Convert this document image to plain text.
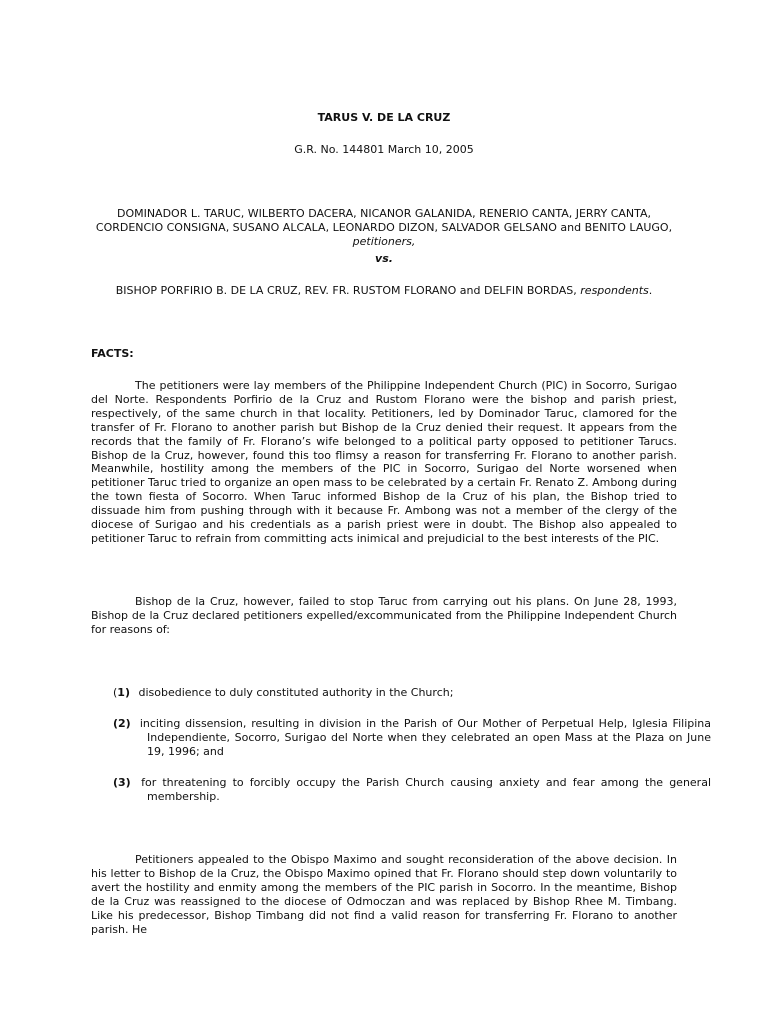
TARUS V. DE LA CRUZ
G.R. No. 144801 March 10, 2005
DOMINADOR L. TARUC, WILBERTO DACERA, NICANOR GALANIDA, RENERIO CANTA, JERRY CANTA, CORDENCIO CONSIGNA, SUSANO ALCALA, LEONARDO DIZON, SALVADOR GELSANO and BENITO LAUGO, petitioners,
vs.
BISHOP PORFIRIO B. DE LA CRUZ, REV. FR. RUSTOM FLORANO and DELFIN BORDAS, respondents.
FACTS:

The petitioners were lay members of the Philippine Independent Church (PIC) in Socorro, Surigao del Norte. Respondents Porfirio de la Cruz and Rustom Florano were the bishop and parish priest, respectively, of the same church in that locality. Petitioners, led by Dominador Taruc, clamored for the transfer of Fr. Florano to another parish but Bishop de la Cruz denied their request. It appears from the records that the family of Fr. Florano’s wife belonged to a political party opposed to petitioner Tarucs. Bishop de la Cruz, however, found this too flimsy a reason for transferring Fr. Florano to another parish. Meanwhile, hostility among the members of the PIC in Socorro, Surigao del Norte worsened when petitioner Taruc tried to organize an open mass to be celebrated by a certain Fr. Renato Z. Ambong during the town fiesta of Socorro. When Taruc informed Bishop de la Cruz of his plan, the Bishop tried to dissuade him from pushing through with it because Fr. Ambong was not a member of the clergy of the diocese of Surigao and his credentials as a parish priest were in doubt. The Bishop also appealed to petitioner Taruc to refrain from committing acts inimical and prejudicial to the best interests of the PIC.

Bishop de la Cruz, however, failed to stop Taruc from carrying out his plans. On June 28, 1993, Bishop de la Cruz declared petitioners expelled/excommunicated from the Philippine Independent Church for reasons of:

(1) disobedience to duly constituted authority in the Church;

(2) inciting dissension, resulting in division in the Parish of Our Mother of Perpetual Help, Iglesia Filipina Independiente, Socorro, Surigao del Norte when they celebrated an open Mass at the Plaza on June 19, 1996; and

(3) for threatening to forcibly occupy the Parish Church causing anxiety and fear among the general membership.

Petitioners appealed to the Obispo Maximo and sought reconsideration of the above decision. In his letter to Bishop de la Cruz, the Obispo Maximo opined that Fr. Florano should step down voluntarily to avert the hostility and enmity among the members of the PIC parish in Socorro. In the meantime, Bishop de la Cruz was reassigned to the diocese of Odmoczan and was replaced by Bishop Rhee M. Timbang. Like his predecessor, Bishop Timbang did not find a valid reason for transferring Fr. Florano to another parish. He
